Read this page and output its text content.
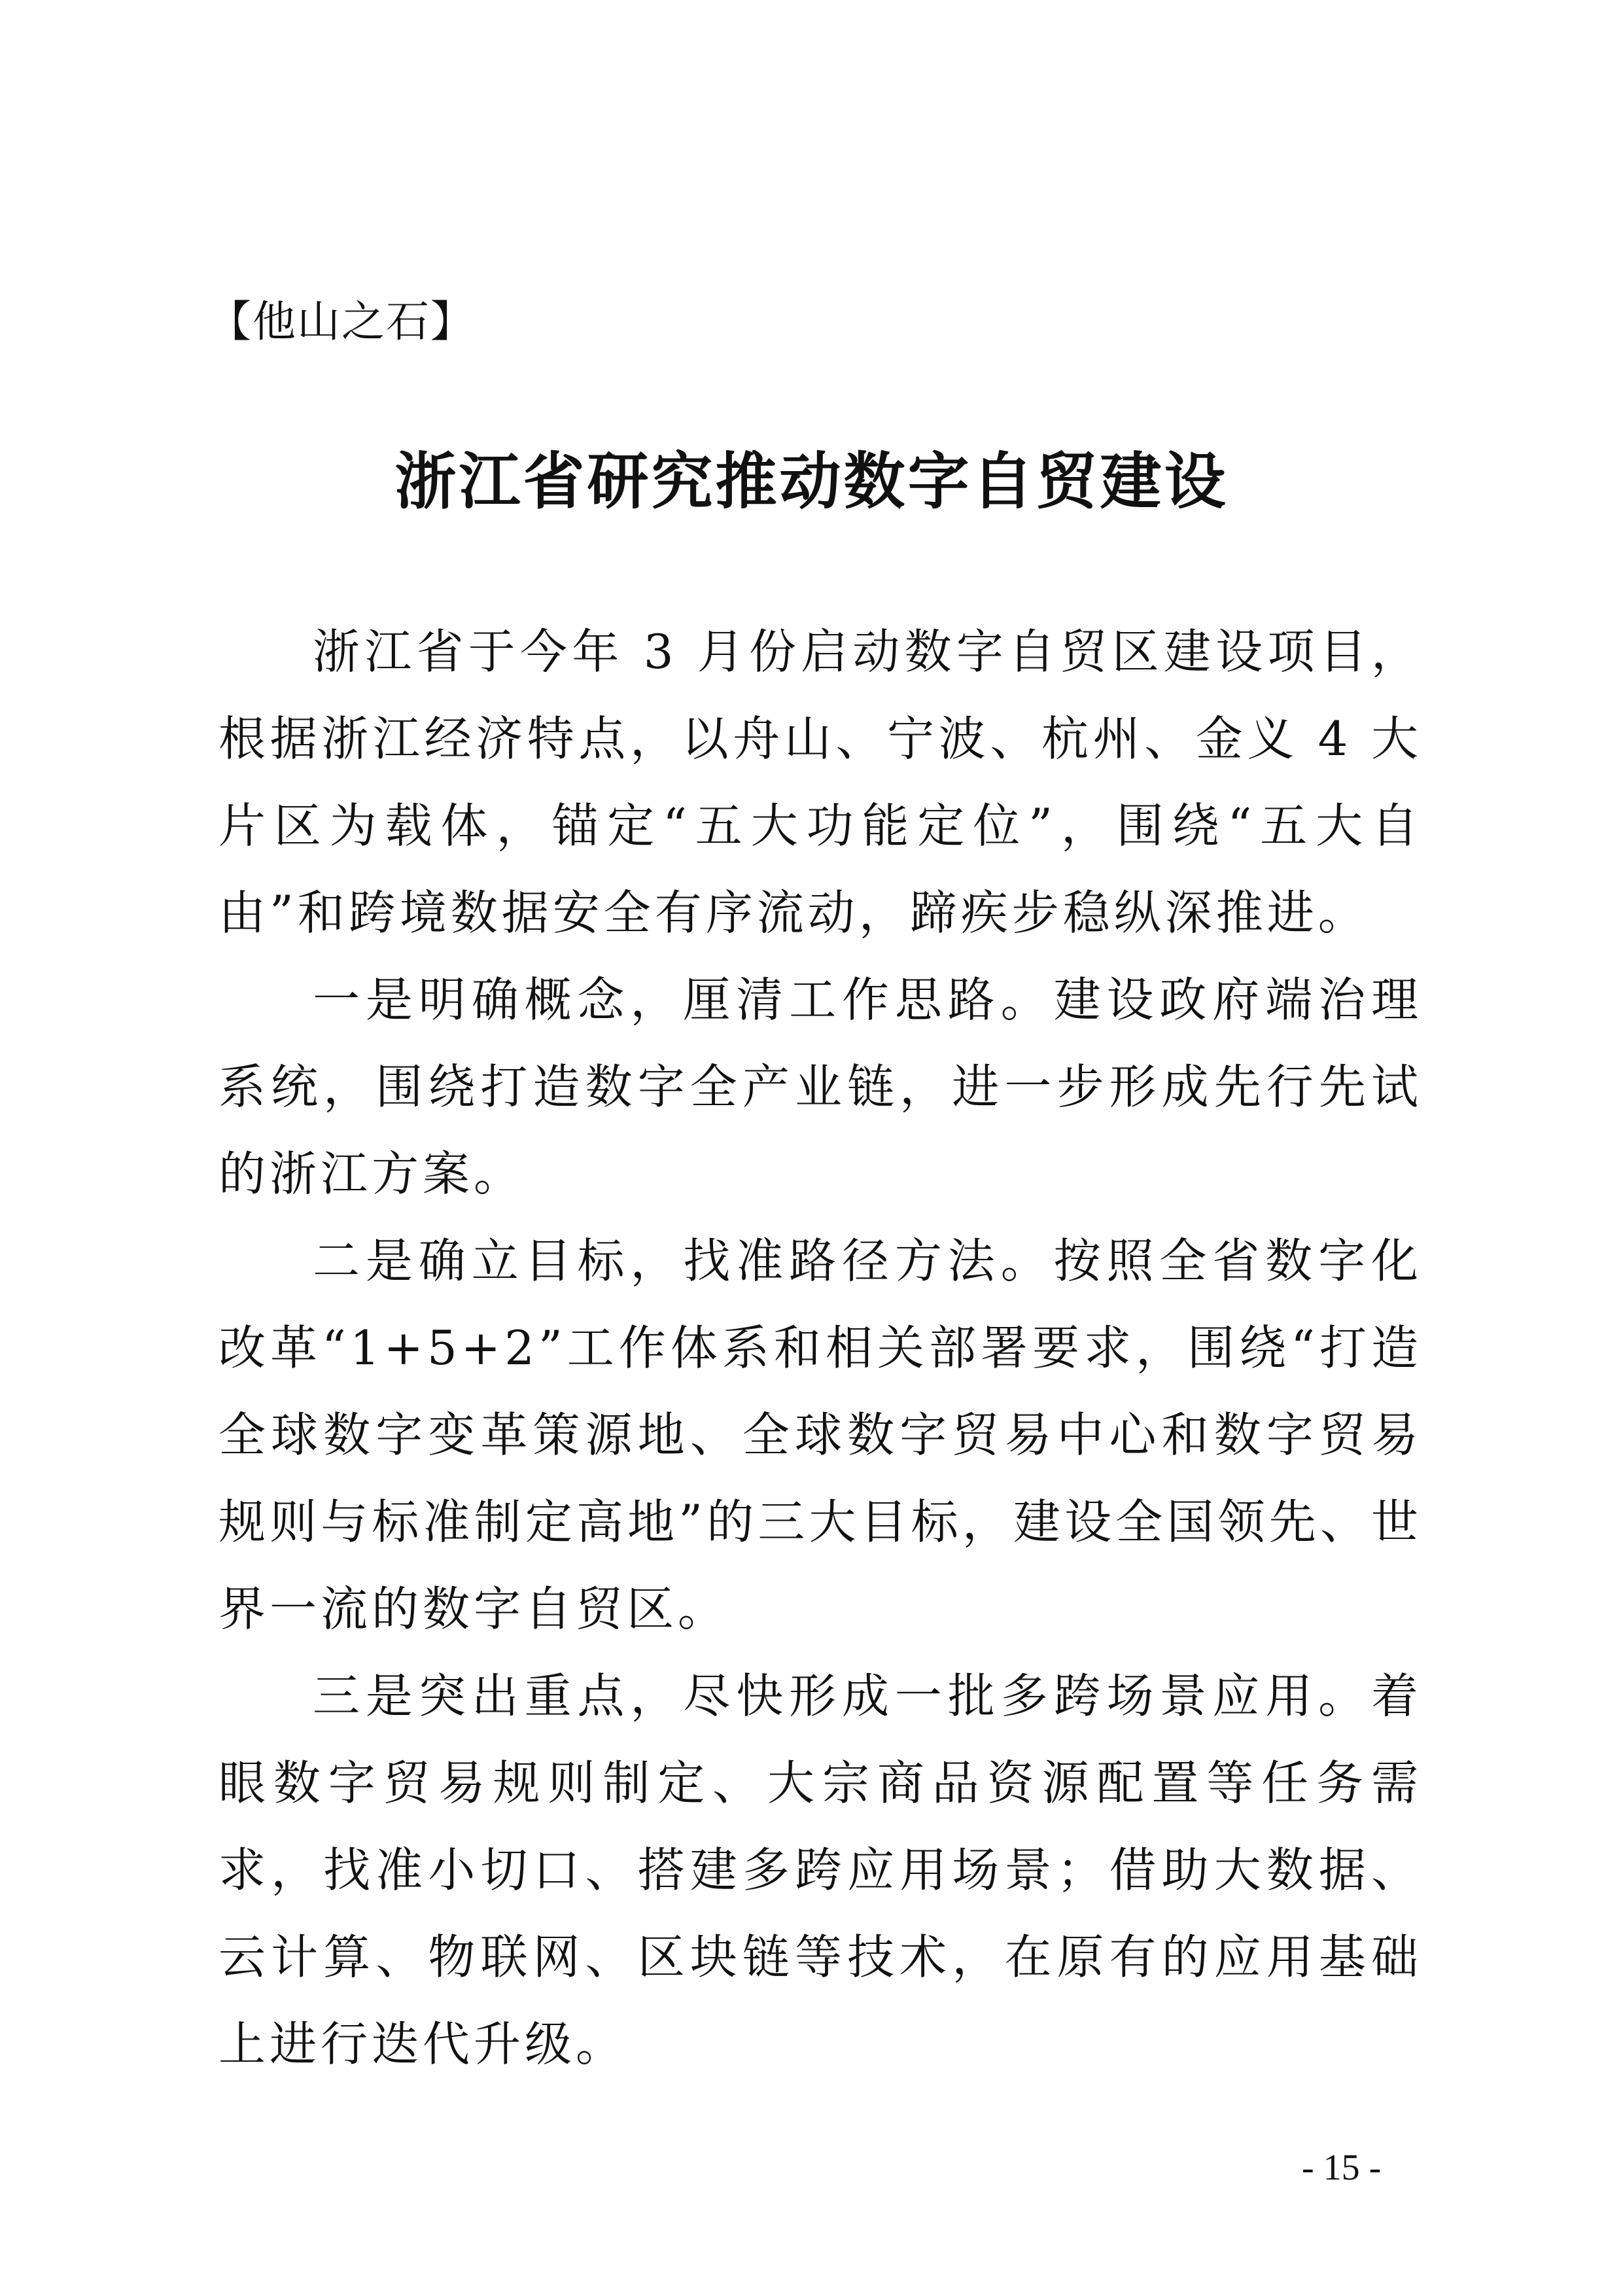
【他山之石】
浙江省研究推动数字自贸建设

浙江省于今年 3 月份启动数字自贸区建设项目，根据浙江经济特点，以舟山、宁波、杭州、金义 4 大片区为载体，锚定“五大功能定位”，围绕“五大自由”和跨境数据安全有序流动，蹄疾步稳纵深推进。

一是明确概念，厘清工作思路。建设政府端治理系统，围绕打造数字全产业链，进一步形成先行先试的浙江方案。

二是确立目标，找准路径方法。按照全省数字化改革“1+5+2”工作体系和相关部署要求，围绕“打造全球数字变革策源地、全球数字贸易中心和数字贸易规则与标准制定高地”的三大目标，建设全国领先、世界一流的数字自贸区。

三是突出重点，尽快形成一批多跨场景应用。着眼数字贸易规则制定、大宗商品资源配置等任务需求，找准小切口、搭建多跨应用场景；借助大数据、云计算、物联网、区块链等技术，在原有的应用基础上进行迭代升级。

- 15 -
